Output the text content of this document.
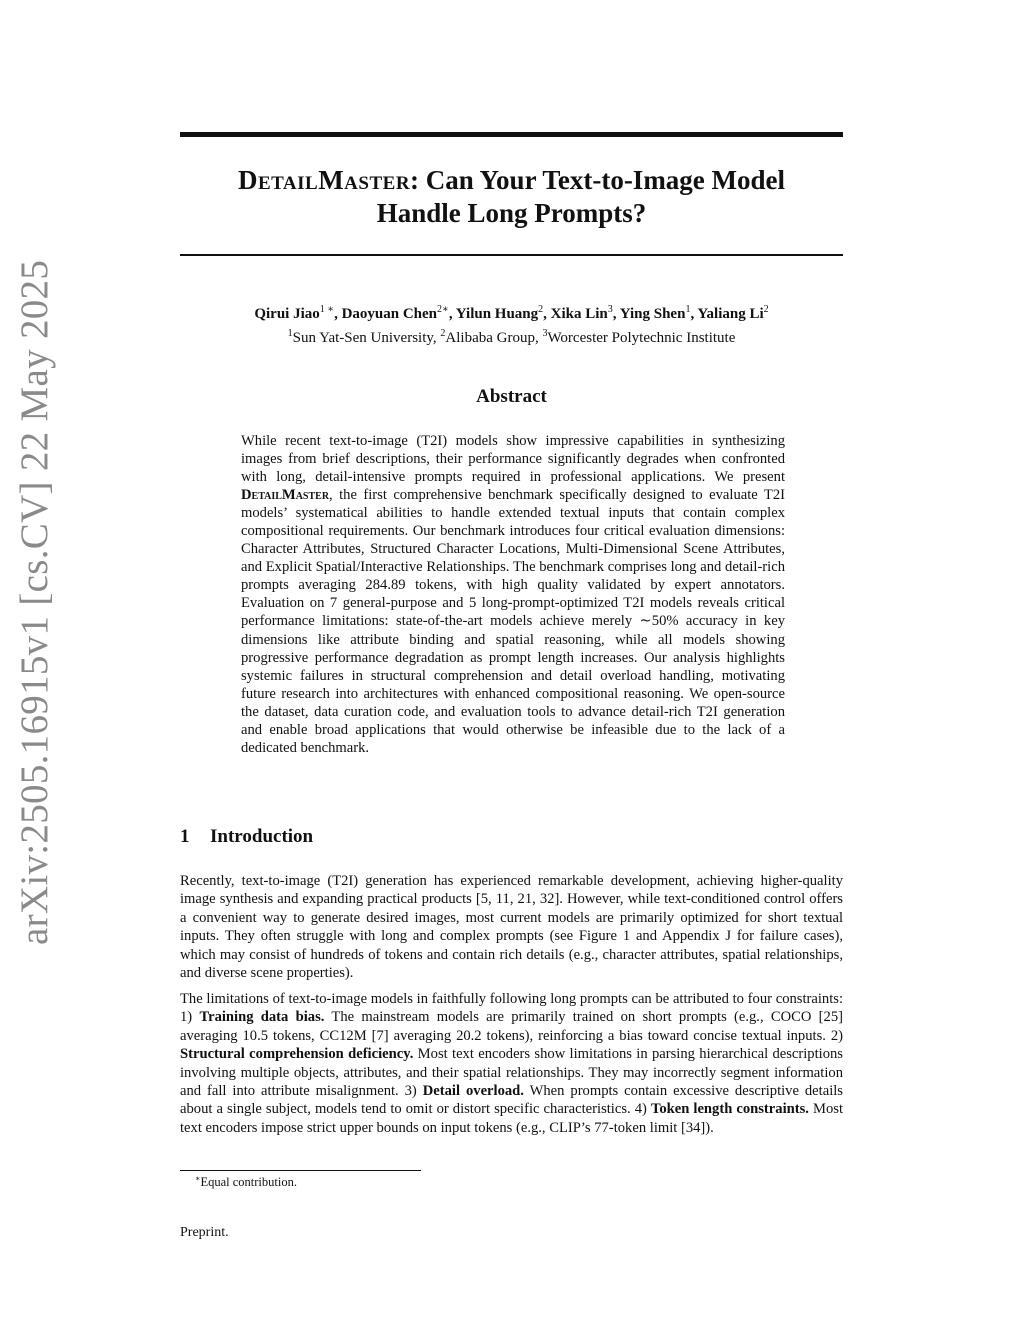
DetailMaster: Can Your Text-to-Image Model
Handle Long Prompts?
Qirui Jiao$^{1 ∗}$, Daoyuan Chen$^{2∗}$, Yilun Huang$^2$, Xika Lin$^3$, Ying Shen$^1$, Yaliang Li$^2$
$^1$Sun Yat-Sen University, $^2$Alibaba Group, $^3$Worcester Polytechnic Institute
Abstract
While recent text-to-image (T2I) models show impressive capabilities in synthesizing images from brief descriptions, their performance significantly degrades when confronted with long, detail-intensive prompts required in professional applications. We present DetailMaster, the first comprehensive benchmark specifically designed to evaluate T2I models’ systematical abilities to handle extended textual inputs that contain complex compositional requirements. Our benchmark introduces four critical evaluation dimensions: Character Attributes, Structured Character Locations, Multi-Dimensional Scene Attributes, and Explicit Spatial/Interactive Relationships. The benchmark comprises long and detail-rich prompts averaging 284.89 tokens, with high quality validated by expert annotators. Evaluation on 7 general-purpose and 5 long-prompt-optimized T2I models reveals critical performance limitations: state-of-the-art models achieve merely ∼50% accuracy in key dimensions like attribute binding and spatial reasoning, while all models showing progressive performance degradation as prompt length increases. Our analysis highlights systemic failures in structural comprehension and detail overload handling, motivating future research into architectures with enhanced compositional reasoning. We open-source the dataset, data curation code, and evaluation tools to advance detail-rich T2I generation and enable broad applications that would otherwise be infeasible due to the lack of a dedicated benchmark.
1 Introduction

Recently, text-to-image (T2I) generation has experienced remarkable development, achieving higher-quality image synthesis and expanding practical products [5, 11, 21, 32]. However, while text-conditioned control offers a convenient way to generate desired images, most current models are primarily optimized for short textual inputs. They often struggle with long and complex prompts (see Figure 1 and Appendix J for failure cases), which may consist of hundreds of tokens and contain rich details (e.g., character attributes, spatial relationships, and diverse scene properties).

The limitations of text-to-image models in faithfully following long prompts can be attributed to four constraints: 1) Training data bias. The mainstream models are primarily trained on short prompts (e.g., COCO [25] averaging 10.5 tokens, CC12M [7] averaging 20.2 tokens), reinforcing a bias toward concise textual inputs. 2) Structural comprehension deficiency. Most text encoders show limitations in parsing hierarchical descriptions involving multiple objects, attributes, and their spatial relationships. They may incorrectly segment information and fall into attribute misalignment. 3) Detail overload. When prompts contain excessive descriptive details about a single subject, models tend to omit or distort specific characteristics. 4) Token length constraints. Most text encoders impose strict upper bounds on input tokens (e.g., CLIP’s 77-token limit [34]).

∗Equal contribution.
Preprint.
arXiv:2505.16915v1 [cs.CV] 22 May 2025
